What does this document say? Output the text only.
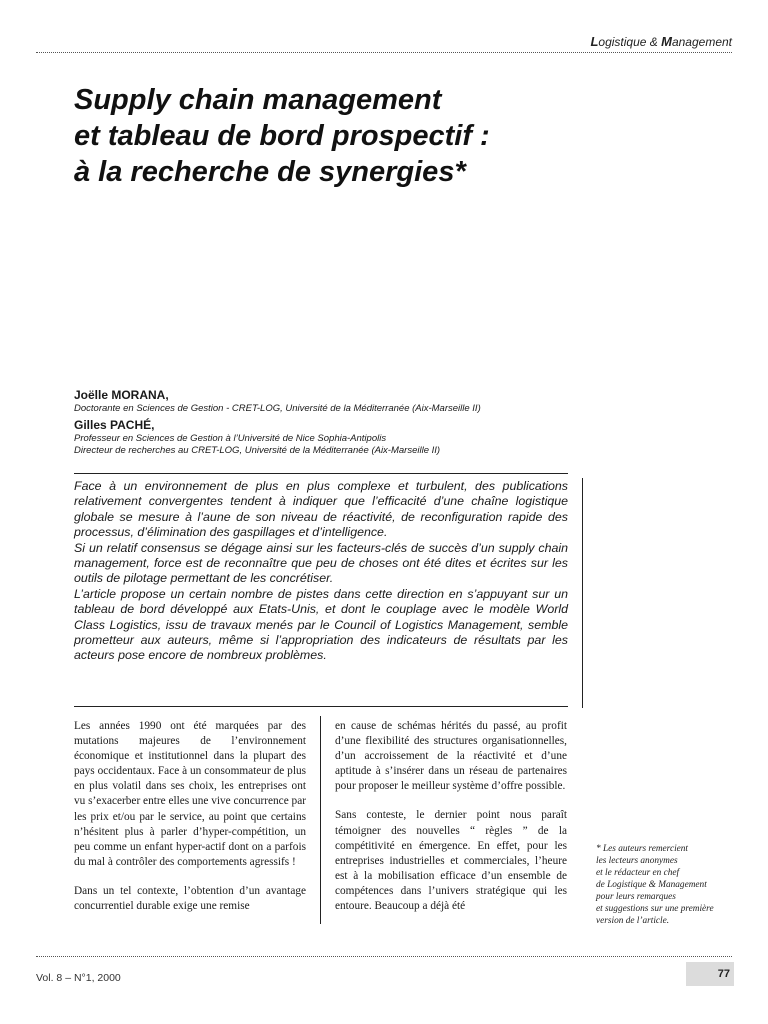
Logistique & Management
Supply chain management
et tableau de bord prospectif :
à la recherche de synergies*
Joëlle MORANA,
Doctorante en Sciences de Gestion - CRET-LOG, Université de la Méditerranée (Aix-Marseille II)
Gilles PACHÉ,
Professeur en Sciences de Gestion à l’Université de Nice Sophia-Antipolis
Directeur de recherches au CRET-LOG, Université de la Méditerranée (Aix-Marseille II)

Face à un environnement de plus en plus complexe et turbulent, des publications relativement convergentes tendent à indiquer que l’efficacité d’une chaîne logistique globale se mesure à l’aune de son niveau de réactivité, de reconfiguration rapide des processus, d’élimination des gaspillages et d’intelligence.

Si un relatif consensus se dégage ainsi sur les facteurs-clés de succès d’un supply chain management, force est de reconnaître que peu de choses ont été dites et écrites sur les outils de pilotage permettant de les concrétiser.

L’article propose un certain nombre de pistes dans cette direction en s’appuyant sur un tableau de bord développé aux Etats-Unis, et dont le couplage avec le modèle World Class Logistics, issu de travaux menés par le Council of Logistics Management, semble prometteur aux auteurs, même si l’appropriation des indicateurs de résultats par les acteurs pose encore de nombreux problèmes.

Les années 1990 ont été marquées par des mutations majeures de l’environnement économique et institutionnel dans la plupart des pays occidentaux. Face à un consommateur de plus en plus volatil dans ses choix, les entreprises ont vu s’exacerber entre elles une vive concurrence par les prix et/ou par le service, au point que certains n’hésitent plus à parler d’hyper-compétition, un peu comme un enfant hyper-actif dont on a parfois du mal à contrôler des comportements agressifs !

Dans un tel contexte, l’obtention d’un avantage concurrentiel durable exige une remise

en cause de schémas hérités du passé, au profit d’une flexibilité des structures organisationnelles, d’un accroissement de la réactivité et d’une aptitude à s’insérer dans un réseau de partenaires pour proposer le meilleur système d’offre possible.

Sans conteste, le dernier point nous paraît témoigner des nouvelles “ règles ” de la compétitivité en émergence. En effet, pour les entreprises industrielles et commerciales, l’heure est à la mobilisation efficace d’un ensemble de compétences dans l’univers stratégique qui les entoure. Beaucoup a déjà été

* Les auteurs remercient
les lecteurs anonymes
et le rédacteur en chef
de Logistique & Management
pour leurs remarques
et suggestions sur une première
version de l’article.
Vol. 8 – N°1, 2000	77
